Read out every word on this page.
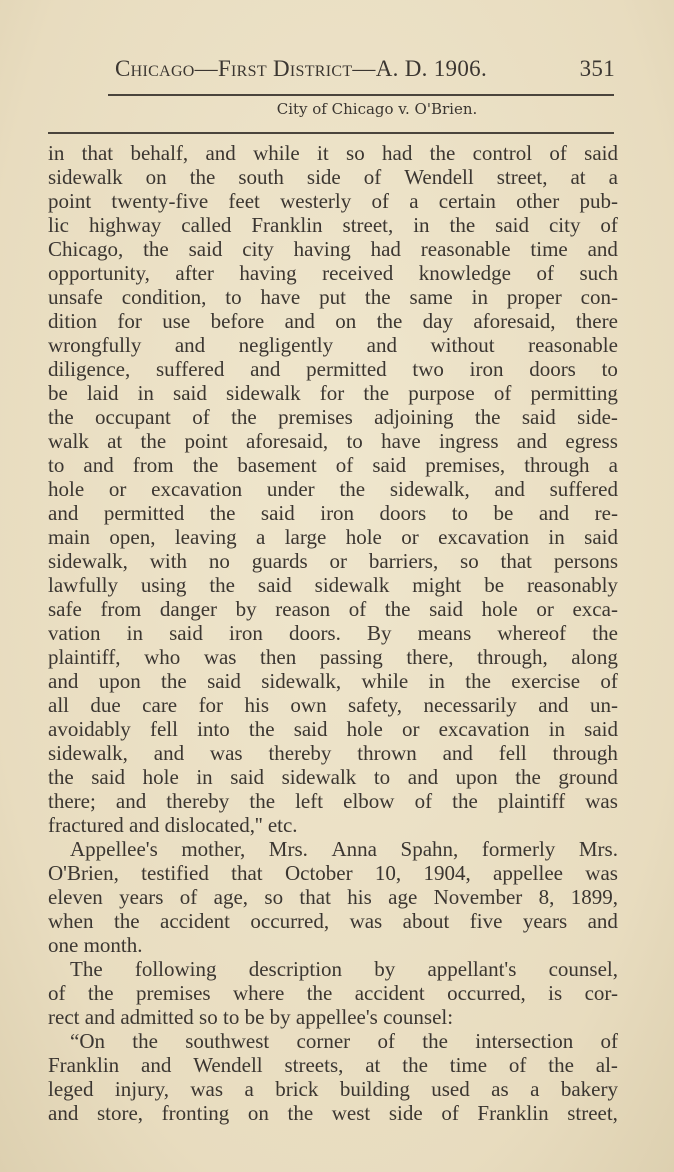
Chicago—First District—A. D. 1906.	351
City of Chicago v. O'Brien.
in that behalf, and while it so had the control of said
sidewalk on the south side of Wendell street, at a
point twenty-five feet westerly of a certain other pub-
lic highway called Franklin street, in the said city of
Chicago, the said city having had reasonable time and
opportunity, after having received knowledge of such
unsafe condition, to have put the same in proper con-
dition for use before and on the day aforesaid, there
wrongfully and negligently and without reasonable
diligence, suffered and permitted two iron doors to
be laid in said sidewalk for the purpose of permitting
the occupant of the premises adjoining the said side-
walk at the point aforesaid, to have ingress and egress
to and from the basement of said premises, through a
hole or excavation under the sidewalk, and suffered
and permitted the said iron doors to be and re-
main open, leaving a large hole or excavation in said
sidewalk, with no guards or barriers, so that persons
lawfully using the said sidewalk might be reasonably
safe from danger by reason of the said hole or exca-
vation in said iron doors. By means whereof the
plaintiff, who was then passing there, through, along
and upon the said sidewalk, while in the exercise of
all due care for his own safety, necessarily and un-
avoidably fell into the said hole or excavation in said
sidewalk, and was thereby thrown and fell through
the said hole in said sidewalk to and upon the ground
there; and thereby the left elbow of the plaintiff was
fractured and dislocated,'' etc.
Appellee's mother, Mrs. Anna Spahn, formerly Mrs.
O'Brien, testified that October 10, 1904, appellee was
eleven years of age, so that his age November 8, 1899,
when the accident occurred, was about five years and
one month.
The following description by appellant's counsel,
of the premises where the accident occurred, is cor-
rect and admitted so to be by appellee's counsel:
“On the southwest corner of the intersection of
Franklin and Wendell streets, at the time of the al-
leged injury, was a brick building used as a bakery
and store, fronting on the west side of Franklin street,
